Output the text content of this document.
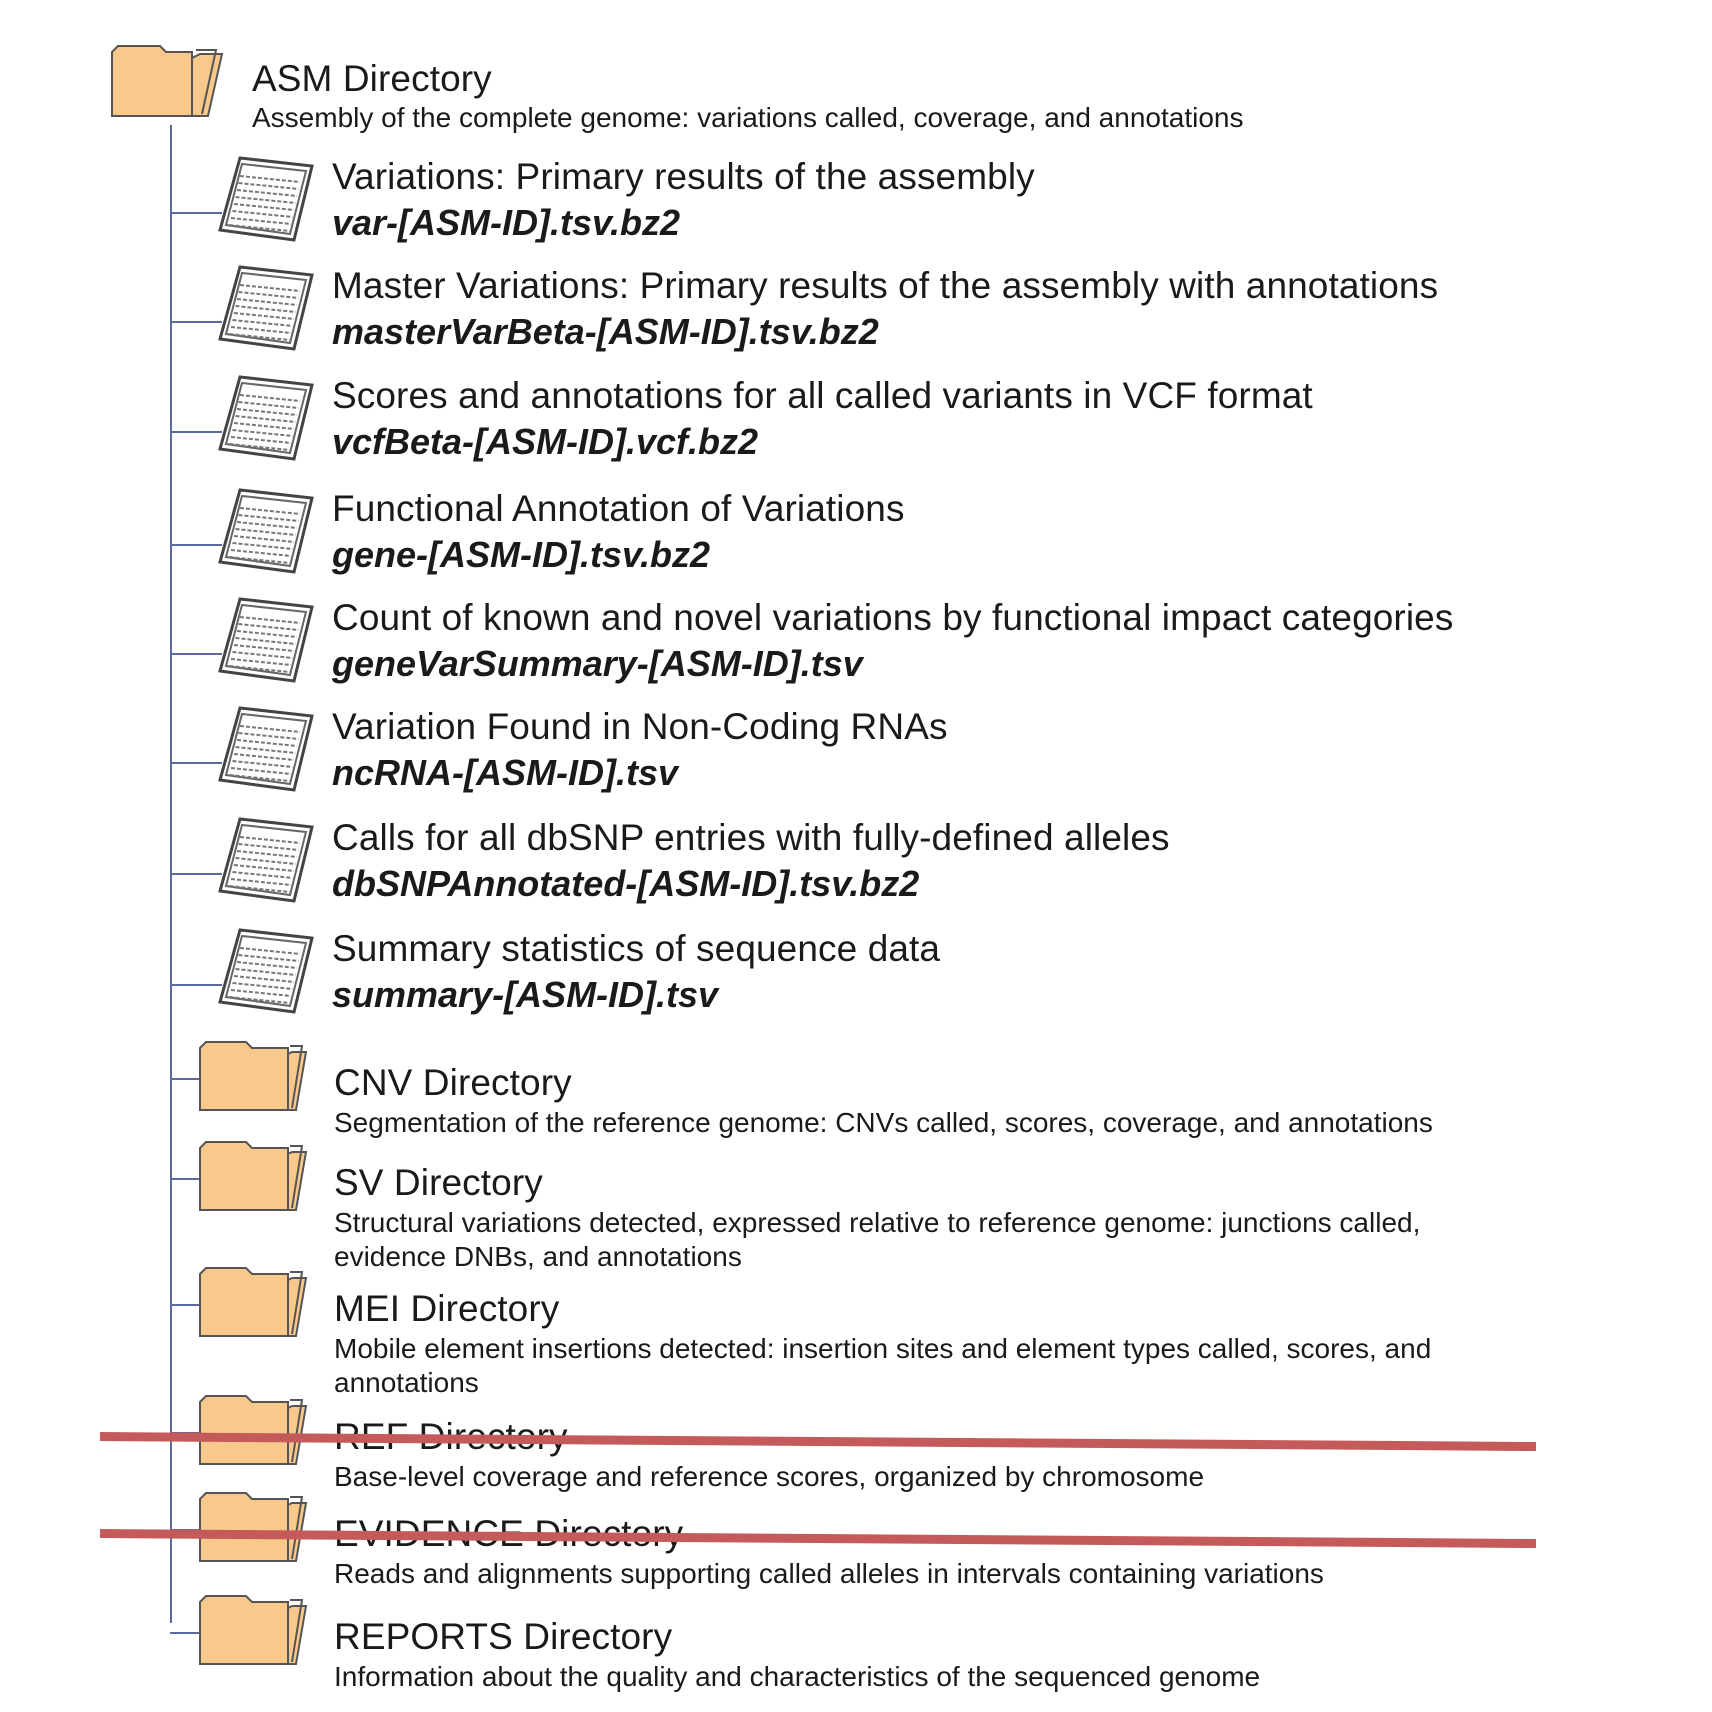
ASM Directory
Assembly of the complete genome: variations called, coverage, and annotations
Variations: Primary results of the assembly
var-[ASM-ID].tsv.bz2
Master Variations: Primary results of the assembly with annotations
masterVarBeta-[ASM-ID].tsv.bz2
Scores and annotations for all called variants in VCF format
vcfBeta-[ASM-ID].vcf.bz2
Functional Annotation of Variations
gene-[ASM-ID].tsv.bz2
Count of known and novel variations by functional impact categories
geneVarSummary-[ASM-ID].tsv
Variation Found in Non-Coding RNAs
ncRNA-[ASM-ID].tsv
Calls for all dbSNP entries with fully-defined alleles
dbSNPAnnotated-[ASM-ID].tsv.bz2
Summary statistics of sequence data
summary-[ASM-ID].tsv
CNV Directory
Segmentation of the reference genome: CNVs called, scores, coverage, and annotations
SV Directory
Structural variations detected, expressed relative to reference genome: junctions called,
evidence DNBs, and annotations
MEI Directory
Mobile element insertions detected: insertion sites and element types called, scores, and
annotations
Base-level coverage and reference scores, organized by chromosome
Reads and alignments supporting called alleles in intervals containing variations
REPORTS Directory
Information about the quality and characteristics of the sequenced genome
